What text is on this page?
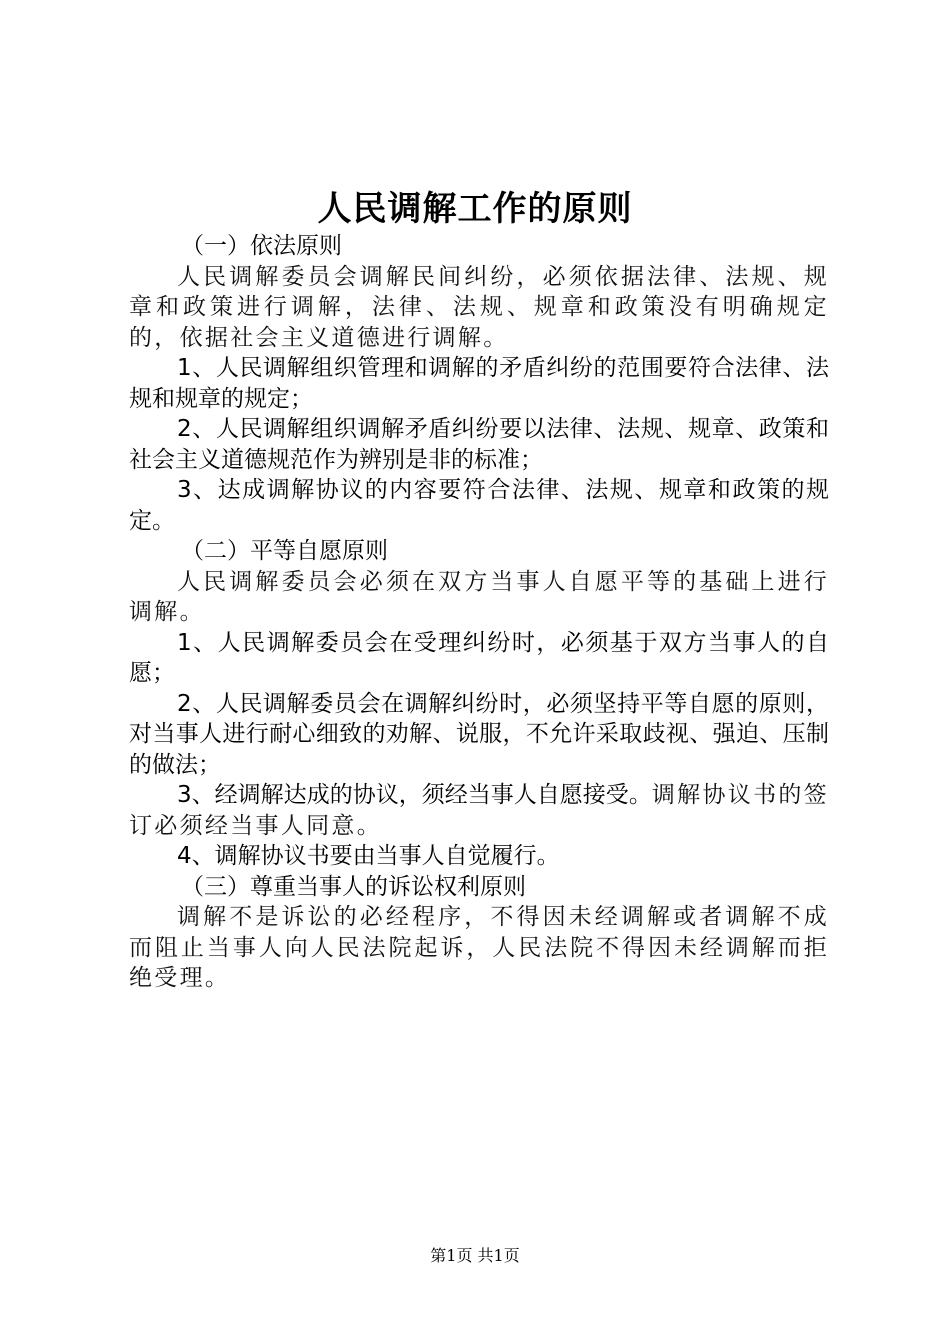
人民调解工作的原则

（一）依法原则

人民调解委员会调解民间纠纷，必须依据法律、法规、规章和政策进行调解，法律、法规、规章和政策没有明确规定的，依据社会主义道德进行调解。

1、人民调解组织管理和调解的矛盾纠纷的范围要符合法律、法规和规章的规定；

2、人民调解组织调解矛盾纠纷要以法律、法规、规章、政策和社会主义道德规范作为辨别是非的标准；

3、达成调解协议的内容要符合法律、法规、规章和政策的规定。

（二）平等自愿原则

人民调解委员会必须在双方当事人自愿平等的基础上进行调解。

1、人民调解委员会在受理纠纷时，必须基于双方当事人的自愿；

2、人民调解委员会在调解纠纷时，必须坚持平等自愿的原则，对当事人进行耐心细致的劝解、说服，不允许采取歧视、强迫、压制的做法；

3、经调解达成的协议，须经当事人自愿接受。调解协议书的签订必须经当事人同意。

4、调解协议书要由当事人自觉履行。

（三）尊重当事人的诉讼权利原则

调解不是诉讼的必经程序，不得因未经调解或者调解不成而阻止当事人向人民法院起诉，人民法院不得因未经调解而拒绝受理。

第1页 共1页
